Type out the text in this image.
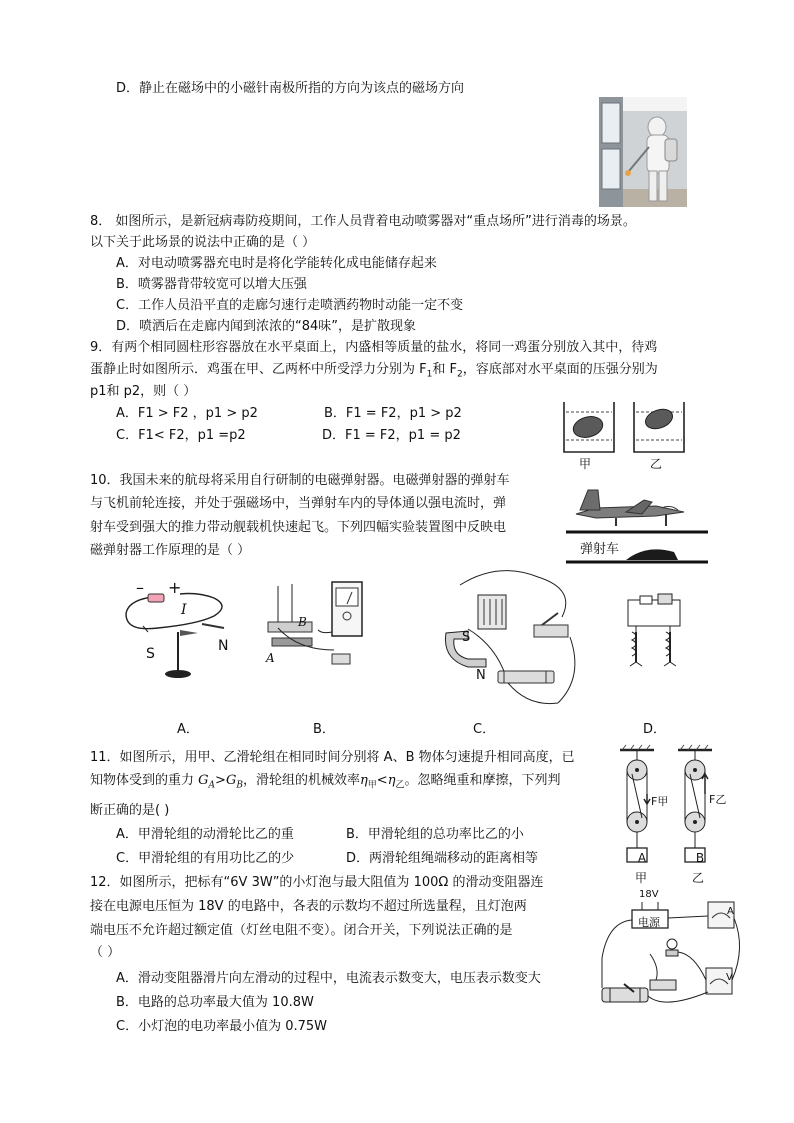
D．静止在磁场中的小磁针南极所指的方向为该点的磁场方向
8． 如图所示，是新冠病毒防疫期间，工作人员背着电动喷雾器对“重点场所”进行消毒的场景。
以下关于此场景的说法中正确的是（ ）
A．对电动喷雾器充电时是将化学能转化成电能储存起来
B．喷雾器背带较宽可以增大压强
C．工作人员沿平直的走廊匀速行走喷洒药物时动能一定不变
D．喷洒后在走廊内闻到浓浓的“84味”，是扩散现象
9．有两个相同圆柱形容器放在水平桌面上，内盛相等质量的盐水，将同一鸡蛋分别放入其中，待鸡
蛋静止时如图所示．鸡蛋在甲、乙两杯中所受浮力分别为 $F_1$和 $F_2$，容底部对水平桌面的压强分别为
p1和 p2，则（ ）
A．F1 > F2 ，p1 > p2	B．F1 = F2，p1 > p2
C．F1< F2，p1 =p2	D．F1 = F2，p1 = p2
甲	乙
10．我国未来的航母将采用自行研制的电磁弹射器。电磁弹射器的弹射车
与飞机前轮连接，并处于强磁场中，当弹射车内的导体通以强电流时，弹
射车受到强大的推力带动舰载机快速起飞。下列四幅实验装置图中反映电
磁弹射器工作原理的是（ ）	弹射车
– +
I
S	N
B
A
S
N
A．	B．	C．	D．
11．如图所示，用甲、乙滑轮组在相同时间分别将 A、B 物体匀速提升相同高度，已
知物体受到的重力 $G_A>G_B$，滑轮组的机械效率$\eta_甲<\eta_乙$。忽略绳重和摩擦，下列判
断正确的是( )
A．甲滑轮组的动滑轮比乙的重	B．甲滑轮组的总功率比乙的小
C．甲滑轮组的有用功比乙的少	D．两滑轮组绳端移动的距离相等
F甲	F乙
A	B
甲	乙
12．如图所示，把标有“6V 3W”的小灯泡与最大阻值为 100Ω 的滑动变阻器连
接在电源电压恒为 18V 的电路中，各表的示数均不超过所选量程，且灯泡两
端电压不允许超过额定值（灯丝电阻不变）。闭合开关，下列说法正确的是
（ ）
A．滑动变阻器滑片向左滑动的过程中，电流表示数变大，电压表示数变大
B．电路的总功率最大值为 10.8W
C．小灯泡的电功率最小值为 0.75W
18V
电源
A
V
